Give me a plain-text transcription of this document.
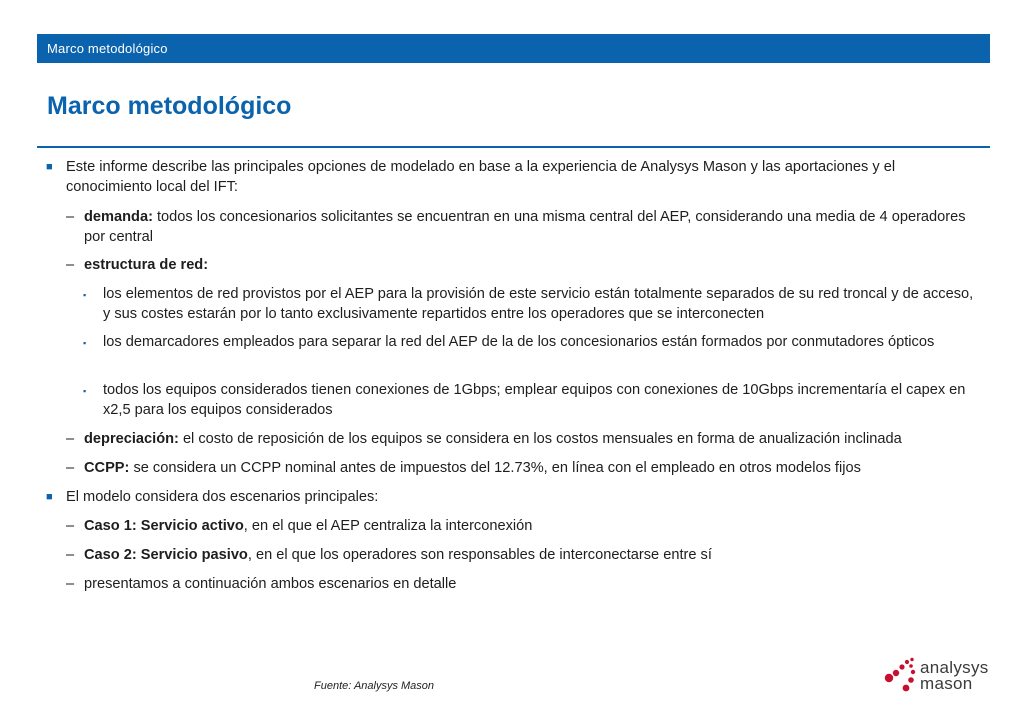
Marco metodológico
Marco metodológico
■ Este informe describe las principales opciones de modelado en base a la experiencia de Analysys Mason y las aportaciones y el conocimiento local del IFT:
– demanda: todos los concesionarios solicitantes se encuentran en una misma central del AEP, considerando una media de 4 operadores por central
– estructura de red:
▪ los elementos de red provistos por el AEP para la provisión de este servicio están totalmente separados de su red troncal y de acceso, y sus costes estarán por lo tanto exclusivamente repartidos entre los operadores que se interconecten
▪ los demarcadores empleados para separar la red del AEP de la de los concesionarios están formados por conmutadores ópticos
▪ todos los equipos considerados tienen conexiones de 1Gbps; emplear equipos con conexiones de 10Gbps incrementaría el capex en x2,5 para los equipos considerados
– depreciación: el costo de reposición de los equipos se considera en los costos mensuales en forma de anualización inclinada
– CCPP: se considera un CCPP nominal antes de impuestos del 12.73%, en línea con el empleado en otros modelos fijos
■ El modelo considera dos escenarios principales:
– Caso 1: Servicio activo, en el que el AEP centraliza la interconexión
– Caso 2: Servicio pasivo, en el que los operadores son responsables de interconectarse entre sí
– presentamos a continuación ambos escenarios en detalle
Fuente: Analysys Mason
analysys
mason
